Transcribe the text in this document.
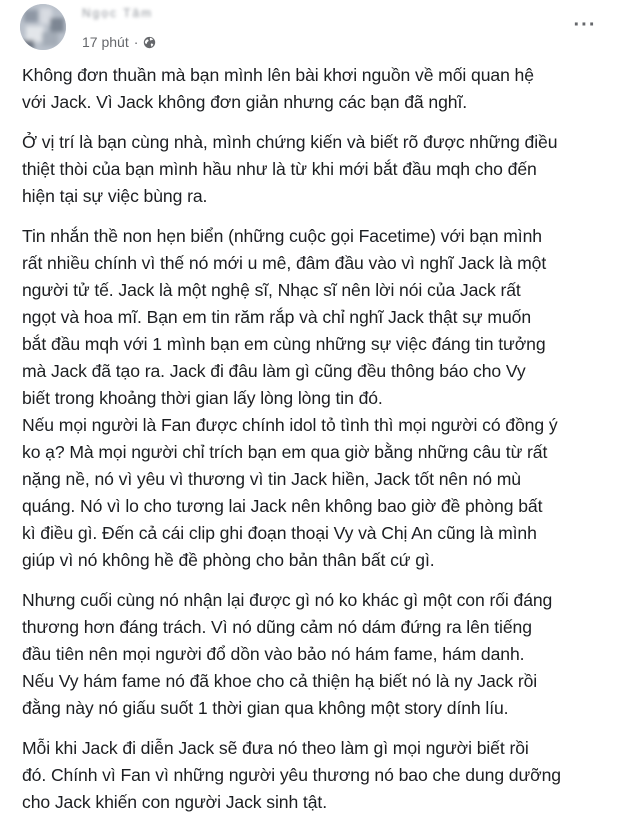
Ngọc Tâm
17 phút ·
···
Không đơn thuần mà bạn mình lên bài khơi nguồn về mối quan hệ
với Jack. Vì Jack không đơn giản nhưng các bạn đã nghĩ.
Ở vị trí là bạn cùng nhà, mình chứng kiến và biết rõ được những điều
thiệt thòi của bạn mình hầu như là từ khi mới bắt đầu mqh cho đến
hiện tại sự việc bùng ra.
Tin nhắn thề non hẹn biển (những cuộc gọi Facetime) với bạn mình
rất nhiều chính vì thế nó mới u mê, đâm đầu vào vì nghĩ Jack là một
người tử tế. Jack là một nghệ sĩ, Nhạc sĩ nên lời nói của Jack rất
ngọt và hoa mĩ. Bạn em tin răm rắp và chỉ nghĩ Jack thật sự muốn
bắt đầu mqh với 1 mình bạn em cùng những sự việc đáng tin tưởng
mà Jack đã tạo ra. Jack đi đâu làm gì cũng đều thông báo cho Vy
biết trong khoảng thời gian lấy lòng lòng tin đó.
Nếu mọi người là Fan được chính idol tỏ tình thì mọi người có đồng ý
ko ạ? Mà mọi người chỉ trích bạn em qua giờ bằng những câu từ rất
nặng nề, nó vì yêu vì thương vì tin Jack hiền, Jack tốt nên nó mù
quáng. Nó vì lo cho tương lai Jack nên không bao giờ đề phòng bất
kì điều gì. Đến cả cái clip ghi đoạn thoại Vy và Chị An cũng là mình
giúp vì nó không hề đề phòng cho bản thân bất cứ gì.
Nhưng cuối cùng nó nhận lại được gì nó ko khác gì một con rối đáng
thương hơn đáng trách. Vì nó dũng cảm nó dám đứng ra lên tiếng
đầu tiên nên mọi người đổ dồn vào bảo nó hám fame, hám danh.
Nếu Vy hám fame nó đã khoe cho cả thiện hạ biết nó là ny Jack rồi
đằng này nó giấu suốt 1 thời gian qua không một story dính líu.
Mỗi khi Jack đi diễn Jack sẽ đưa nó theo làm gì mọi người biết rồi
đó. Chính vì Fan vì những người yêu thương nó bao che dung dưỡng
cho Jack khiến con người Jack sinh tật.
